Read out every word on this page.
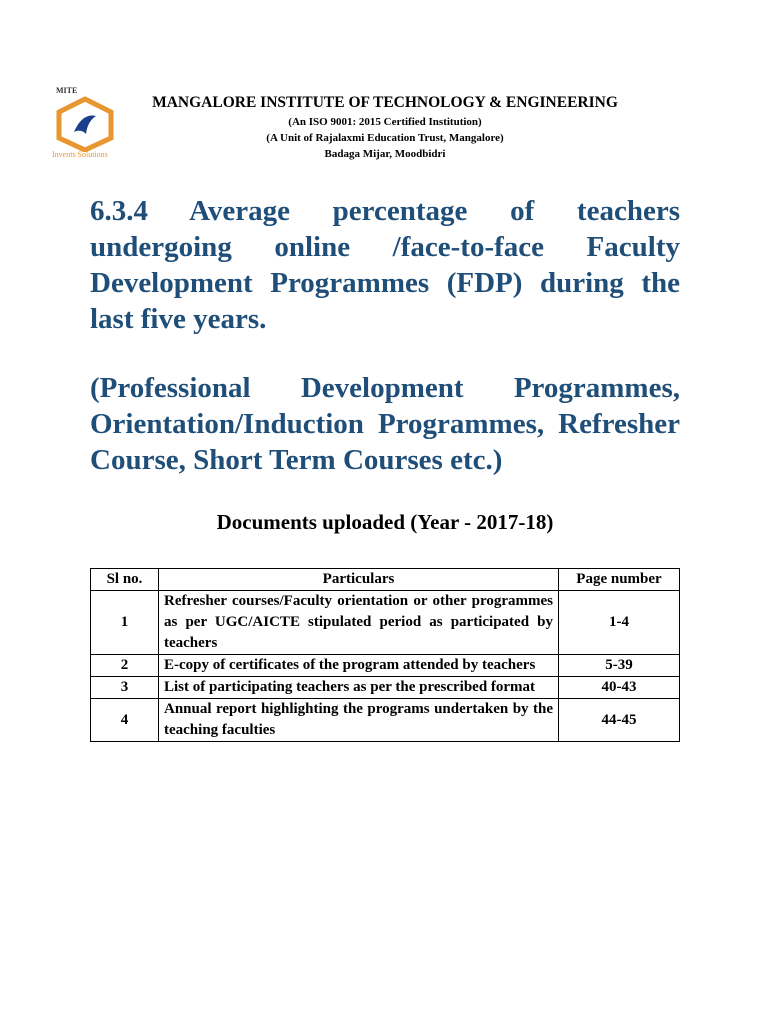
MITE
Invents Solutions
MANGALORE INSTITUTE OF TECHNOLOGY & ENGINEERING
(An ISO 9001: 2015 Certified Institution)
(A Unit of Rajalaxmi Education Trust, Mangalore)
Badaga Mijar, Moodbidri
6.3.4 Average percentage of teachers undergoing online /face-to-face Faculty Development Programmes (FDP) during the last five years.
(Professional Development Programmes, Orientation/Induction Programmes, Refresher Course, Short Term Courses etc.)
Documents uploaded (Year - 2017-18)
Sl no.	Particulars	Page number
1	Refresher courses/Faculty orientation or other programmes as per UGC/AICTE stipulated period as participated by teachers	1-4
2	E-copy of certificates of the program attended by teachers	5-39
3	List of participating teachers as per the prescribed format	40-43
4	Annual report highlighting the programs undertaken by the teaching faculties	44-45
